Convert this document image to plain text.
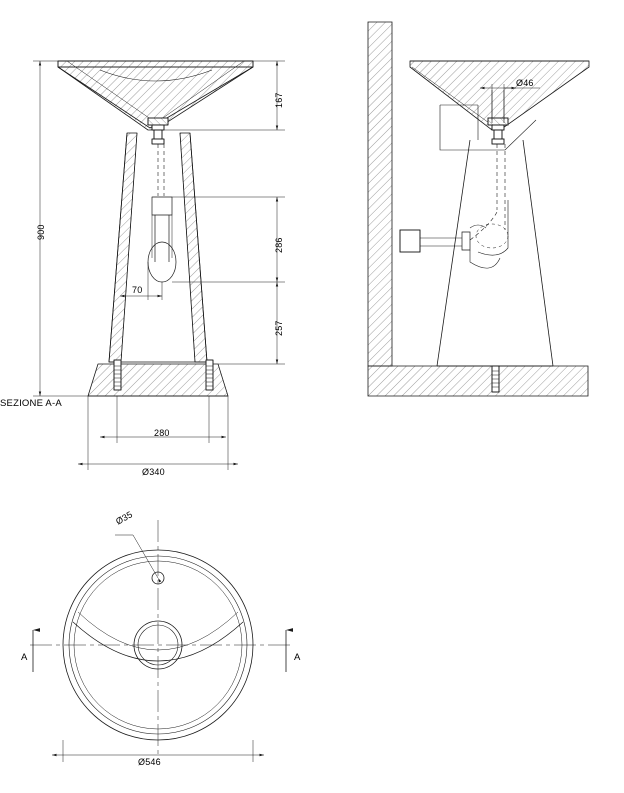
167
900
286
257
70
280
Ø340
Ø46
Ø35
Ø546
SEZIONE A-A
A	A
